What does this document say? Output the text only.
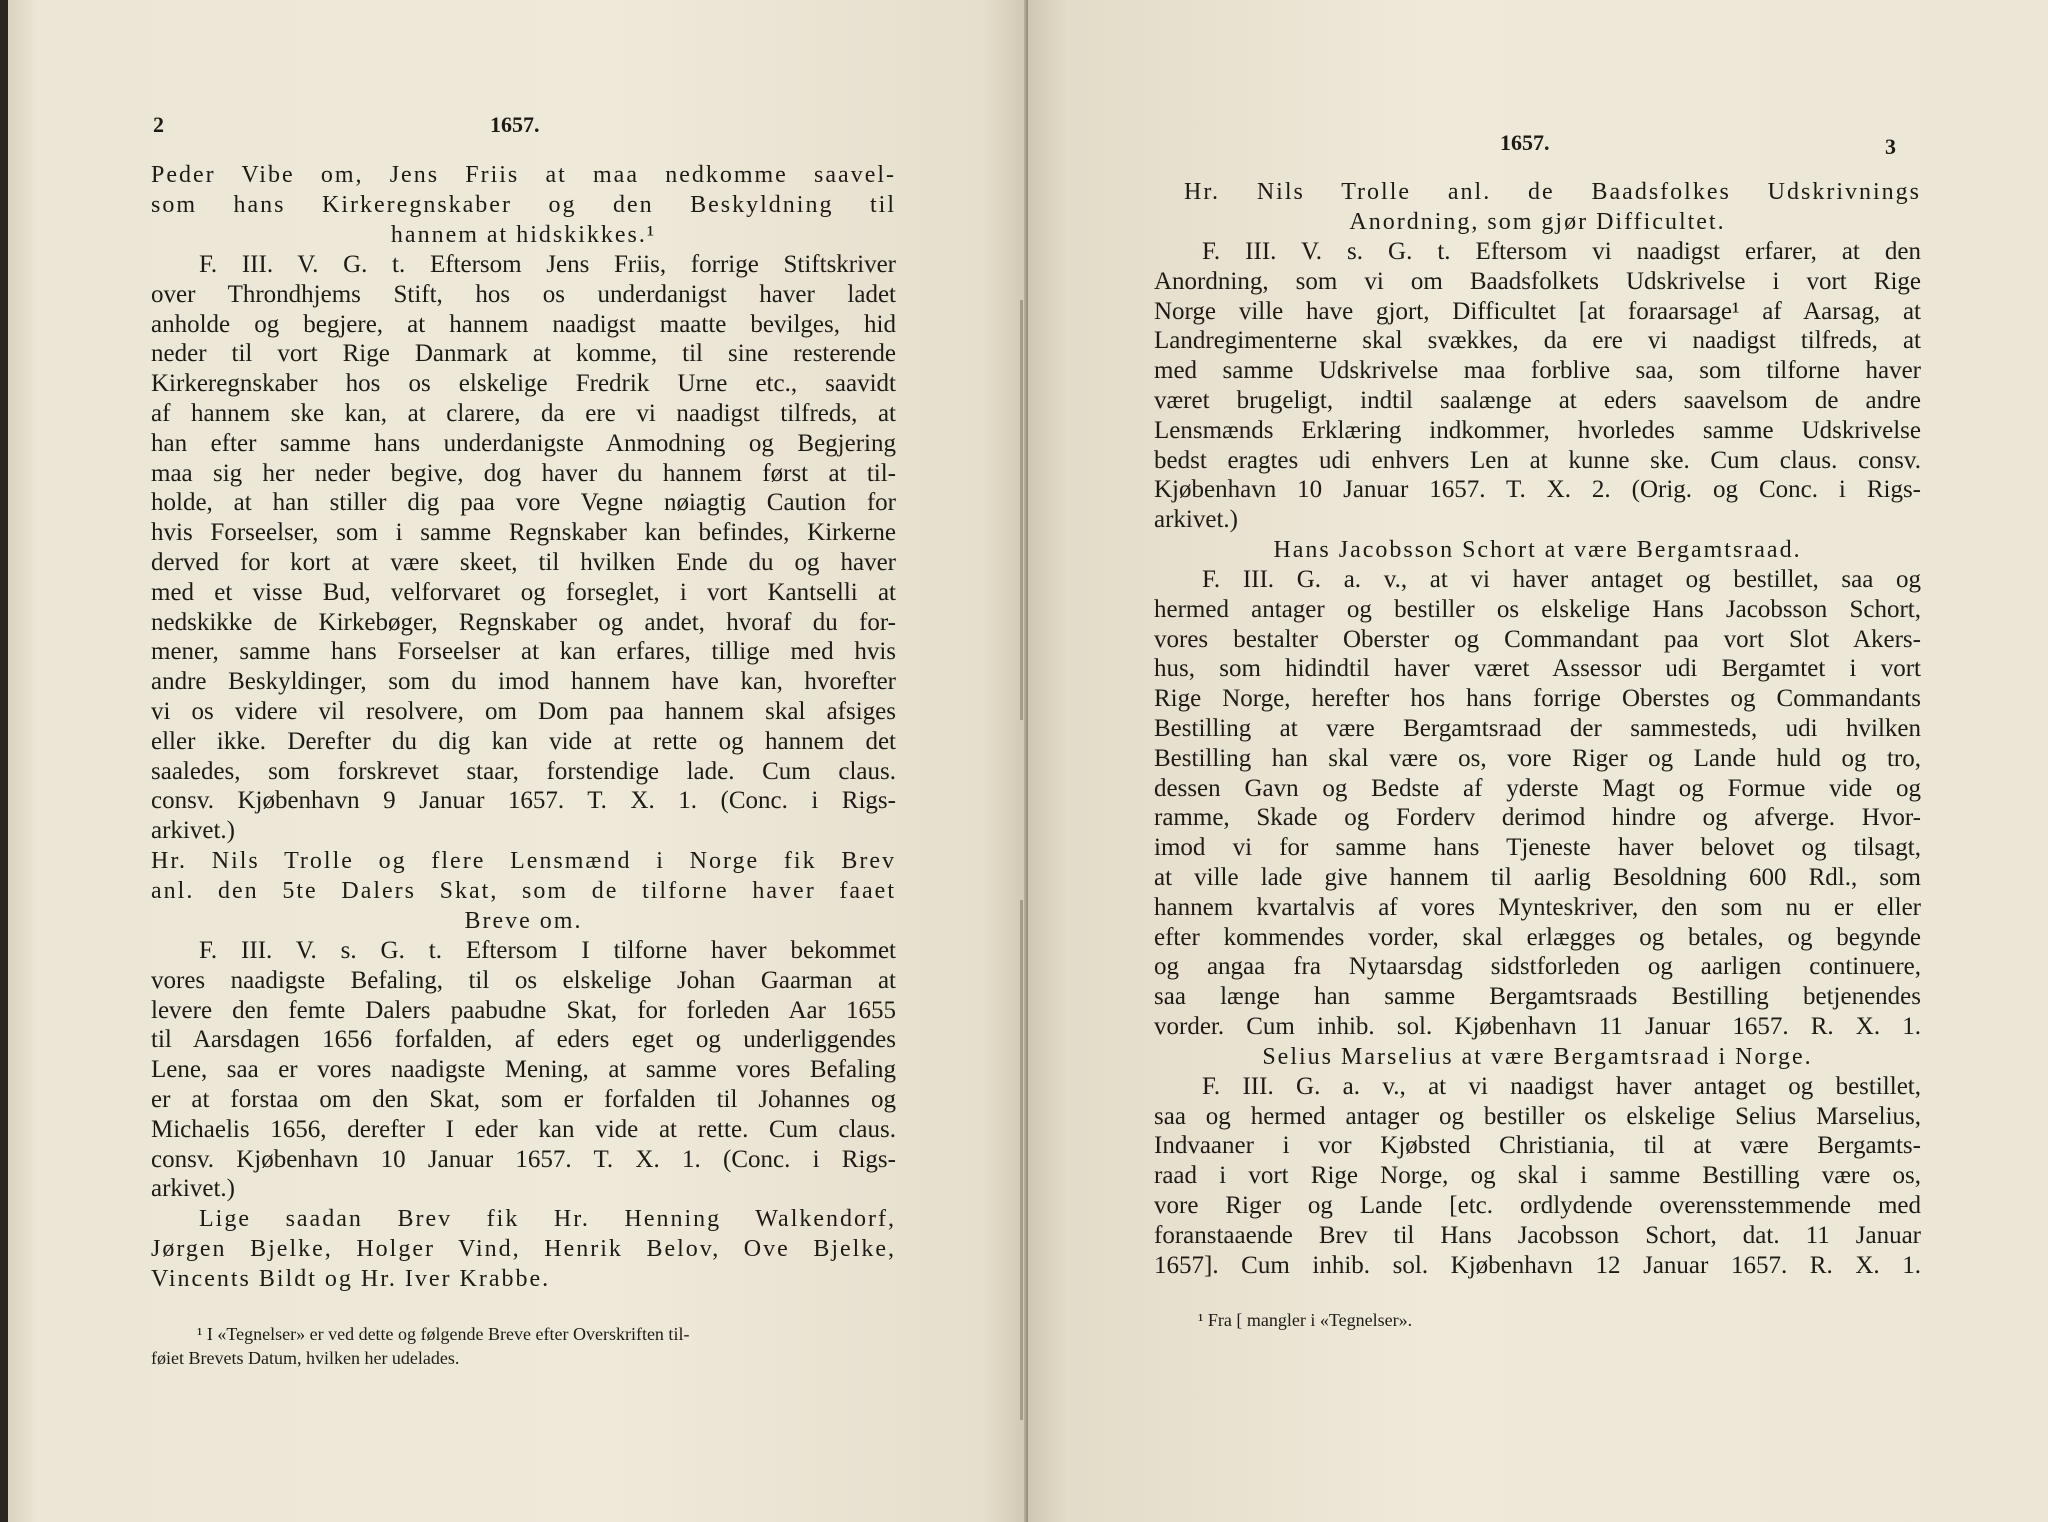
2	1657.
Peder Vibe om, Jens Friis at maa nedkomme saavel-
som hans Kirkeregnskaber og den Beskyldning til
hannem at hidskikkes.¹
F. III. V. G. t. Eftersom Jens Friis, forrige Stiftskriver
over Throndhjems Stift, hos os underdanigst haver ladet
anholde og begjere, at hannem naadigst maatte bevilges, hid
neder til vort Rige Danmark at komme, til sine resterende
Kirkeregnskaber hos os elskelige Fredrik Urne etc., saavidt
af hannem ske kan, at clarere, da ere vi naadigst tilfreds, at
han efter samme hans underdanigste Anmodning og Begjering
maa sig her neder begive, dog haver du hannem først at til-
holde, at han stiller dig paa vore Vegne nøiagtig Caution for
hvis Forseelser, som i samme Regnskaber kan befindes, Kirkerne
derved for kort at være skeet, til hvilken Ende du og haver
med et visse Bud, velforvaret og forseglet, i vort Kantselli at
nedskikke de Kirkebøger, Regnskaber og andet, hvoraf du for-
mener, samme hans Forseelser at kan erfares, tillige med hvis
andre Beskyldinger, som du imod hannem have kan, hvorefter
vi os videre vil resolvere, om Dom paa hannem skal afsiges
eller ikke. Derefter du dig kan vide at rette og hannem det
saaledes, som forskrevet staar, forstendige lade. Cum claus.
consv. Kjøbenhavn 9 Januar 1657. T. X. 1. (Conc. i Rigs-
arkivet.)
Hr. Nils Trolle og flere Lensmænd i Norge fik Brev
anl. den 5te Dalers Skat, som de tilforne haver faaet
Breve om.
F. III. V. s. G. t. Eftersom I tilforne haver bekommet
vores naadigste Befaling, til os elskelige Johan Gaarman at
levere den femte Dalers paabudne Skat, for forleden Aar 1655
til Aarsdagen 1656 forfalden, af eders eget og underliggendes
Lene, saa er vores naadigste Mening, at samme vores Befaling
er at forstaa om den Skat, som er forfalden til Johannes og
Michaelis 1656, derefter I eder kan vide at rette. Cum claus.
consv. Kjøbenhavn 10 Januar 1657. T. X. 1. (Conc. i Rigs-
arkivet.)
Lige saadan Brev fik Hr. Henning Walkendorf,
Jørgen Bjelke, Holger Vind, Henrik Belov, Ove Bjelke,
Vincents Bildt og Hr. Iver Krabbe.
¹ I «Tegnelser» er ved dette og følgende Breve efter Overskriften til-
føiet Brevets Datum, hvilken her udelades.
1657.	3
Hr. Nils Trolle anl. de Baadsfolkes Udskrivnings
Anordning, som gjør Difficultet.
F. III. V. s. G. t. Eftersom vi naadigst erfarer, at den
Anordning, som vi om Baadsfolkets Udskrivelse i vort Rige
Norge ville have gjort, Difficultet [at foraarsage¹ af Aarsag, at
Landregimenterne skal svækkes, da ere vi naadigst tilfreds, at
med samme Udskrivelse maa forblive saa, som tilforne haver
været brugeligt, indtil saalænge at eders saavelsom de andre
Lensmænds Erklæring indkommer, hvorledes samme Udskrivelse
bedst eragtes udi enhvers Len at kunne ske. Cum claus. consv.
Kjøbenhavn 10 Januar 1657. T. X. 2. (Orig. og Conc. i Rigs-
arkivet.)
Hans Jacobsson Schort at være Bergamtsraad.
F. III. G. a. v., at vi haver antaget og bestillet, saa og
hermed antager og bestiller os elskelige Hans Jacobsson Schort,
vores bestalter Oberster og Commandant paa vort Slot Akers-
hus, som hidindtil haver været Assessor udi Bergamtet i vort
Rige Norge, herefter hos hans forrige Oberstes og Commandants
Bestilling at være Bergamtsraad der sammesteds, udi hvilken
Bestilling han skal være os, vore Riger og Lande huld og tro,
dessen Gavn og Bedste af yderste Magt og Formue vide og
ramme, Skade og Forderv derimod hindre og afverge. Hvor-
imod vi for samme hans Tjeneste haver belovet og tilsagt,
at ville lade give hannem til aarlig Besoldning 600 Rdl., som
hannem kvartalvis af vores Mynteskriver, den som nu er eller
efter kommendes vorder, skal erlægges og betales, og begynde
og angaa fra Nytaarsdag sidstforleden og aarligen continuere,
saa længe han samme Bergamtsraads Bestilling betjenendes
vorder. Cum inhib. sol. Kjøbenhavn 11 Januar 1657. R. X. 1.
Selius Marselius at være Bergamtsraad i Norge.
F. III. G. a. v., at vi naadigst haver antaget og bestillet,
saa og hermed antager og bestiller os elskelige Selius Marselius,
Indvaaner i vor Kjøbsted Christiania, til at være Bergamts-
raad i vort Rige Norge, og skal i samme Bestilling være os,
vore Riger og Lande [etc. ordlydende overensstemmende med
foranstaaende Brev til Hans Jacobsson Schort, dat. 11 Januar
1657]. Cum inhib. sol. Kjøbenhavn 12 Januar 1657. R. X. 1.
¹ Fra [ mangler i «Tegnelser».
